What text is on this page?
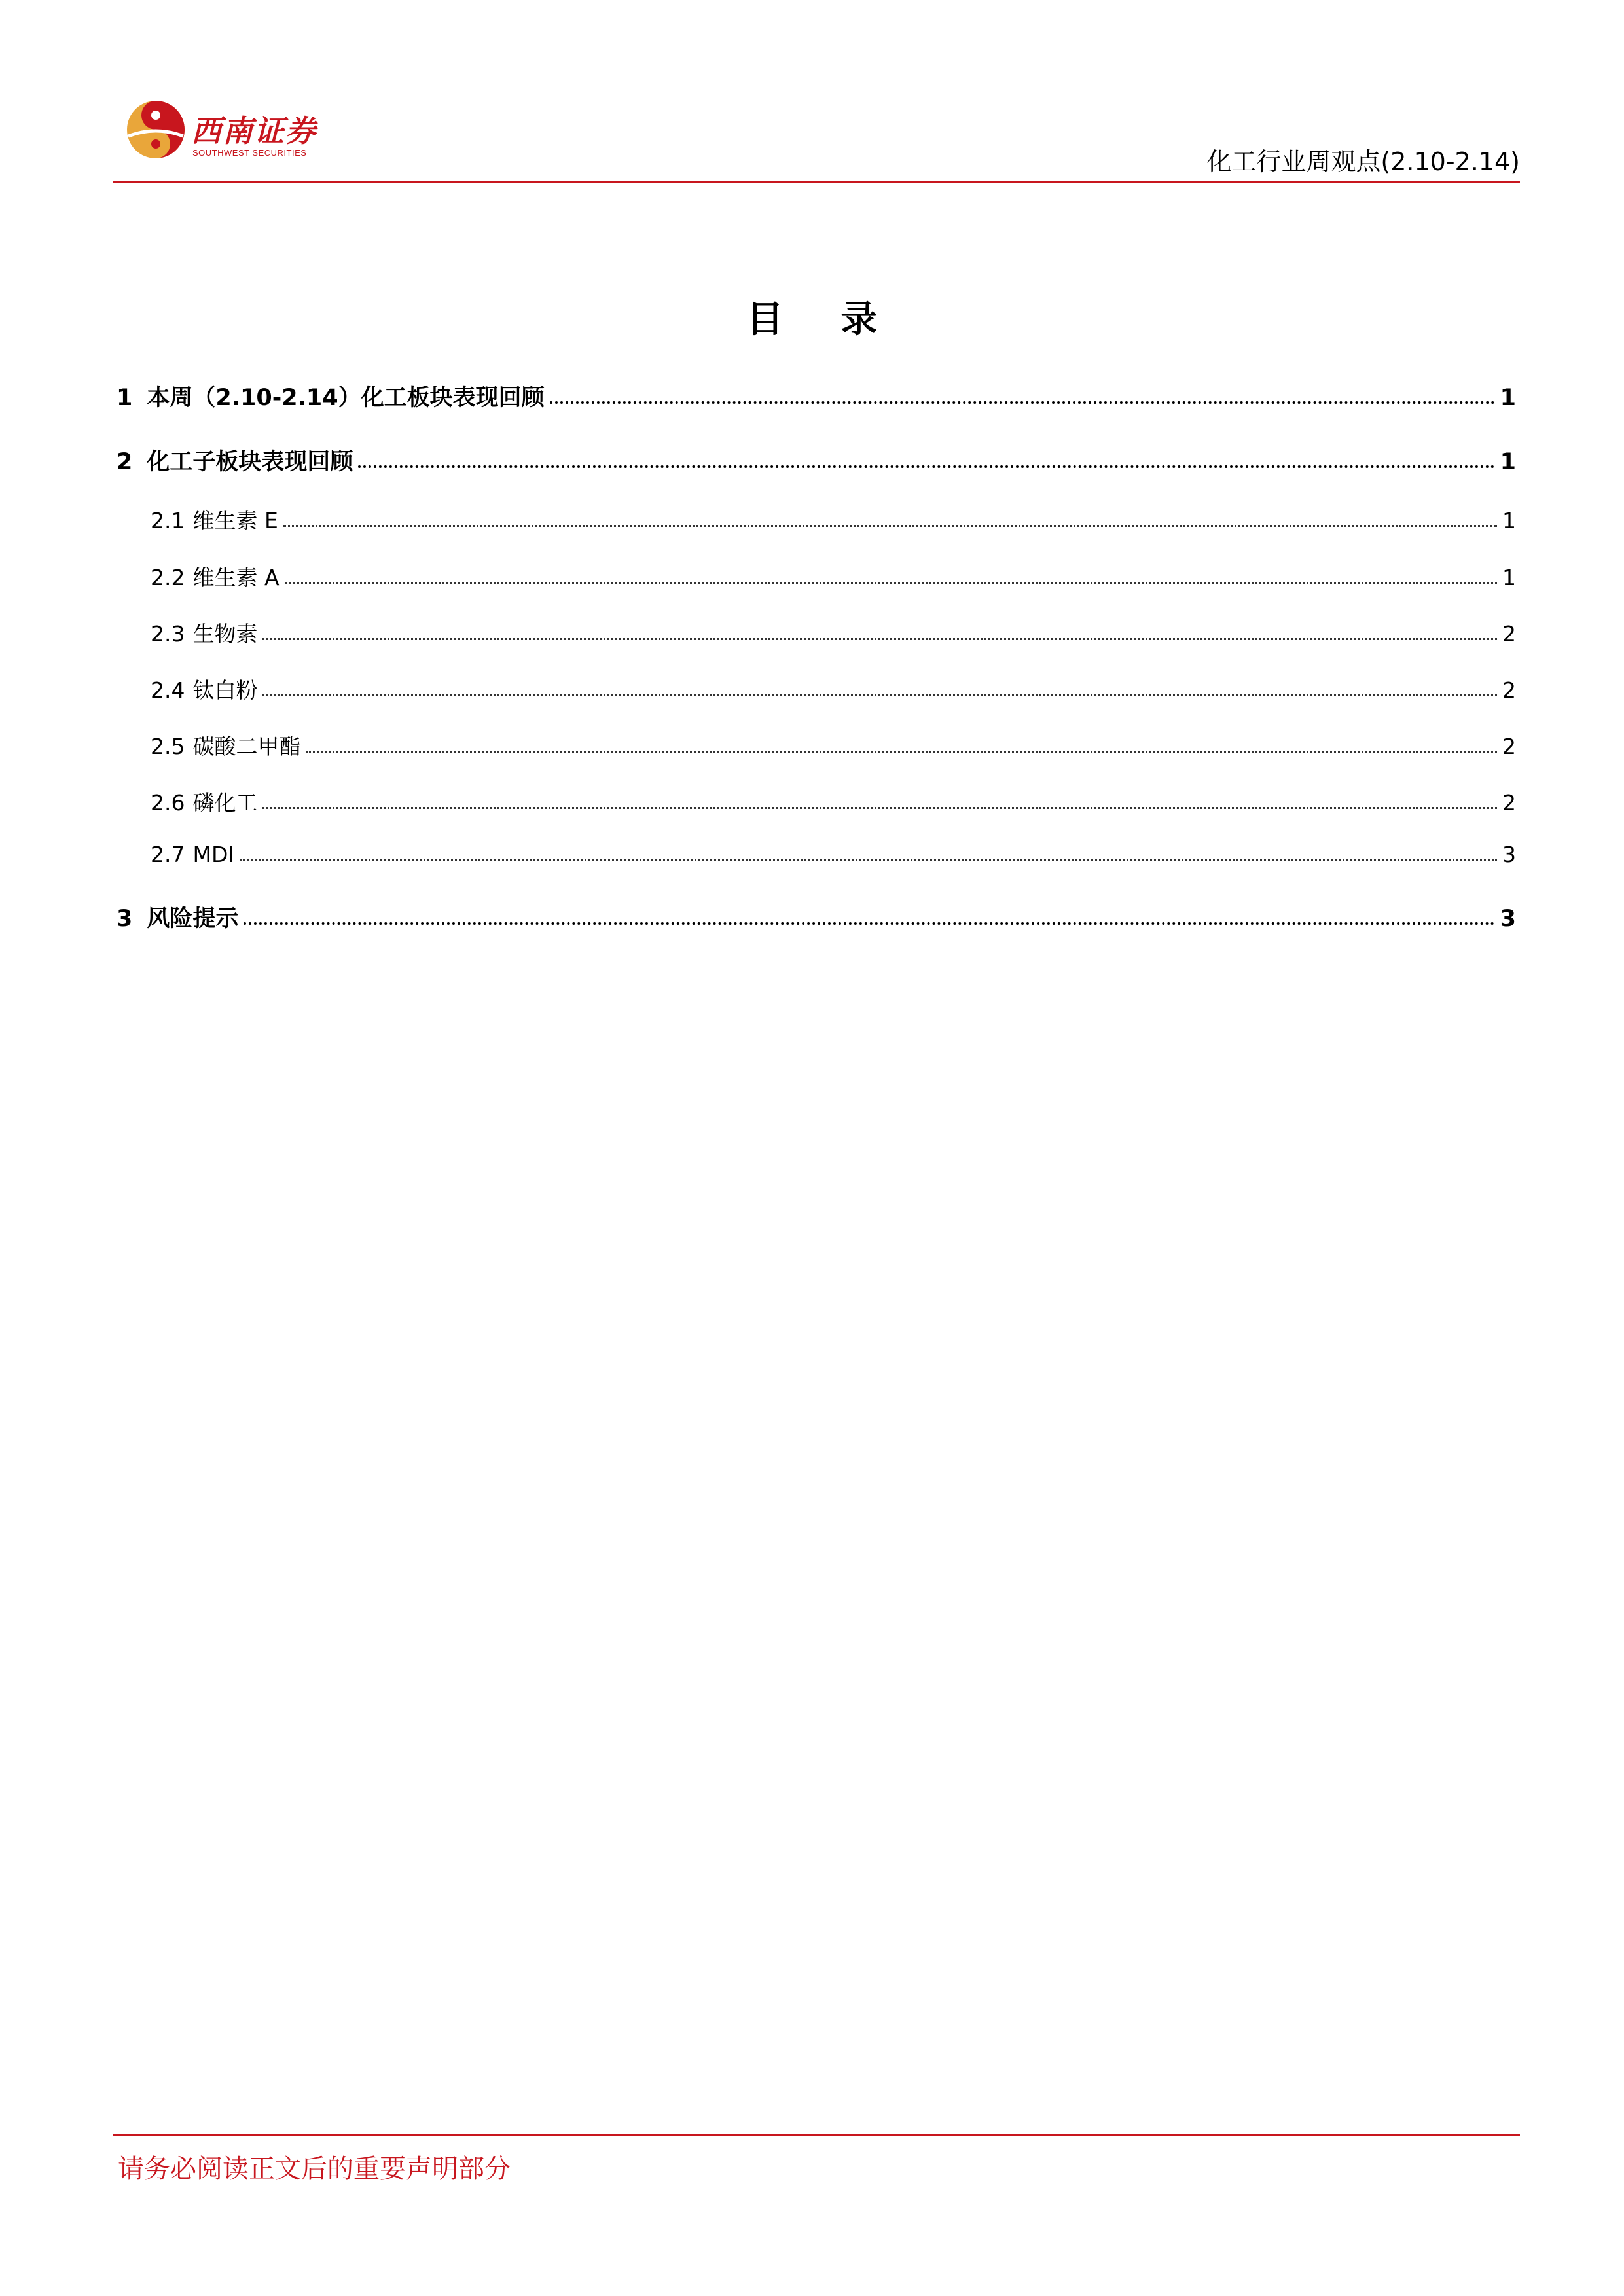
西南证券
SOUTHWEST SECURITIES	化工行业周观点(2.10-2.14)
目 录
1 本周（2.10-2.14）化工板块表现回顾	1
2 化工子板块表现回顾	1
2.1 维生素 E	1
2.2 维生素 A	1
2.3 生物素	2
2.4 钛白粉	2
2.5 碳酸二甲酯	2
2.6 磷化工	2
2.7 MDI	3
3 风险提示	3
请务必阅读正文后的重要声明部分
